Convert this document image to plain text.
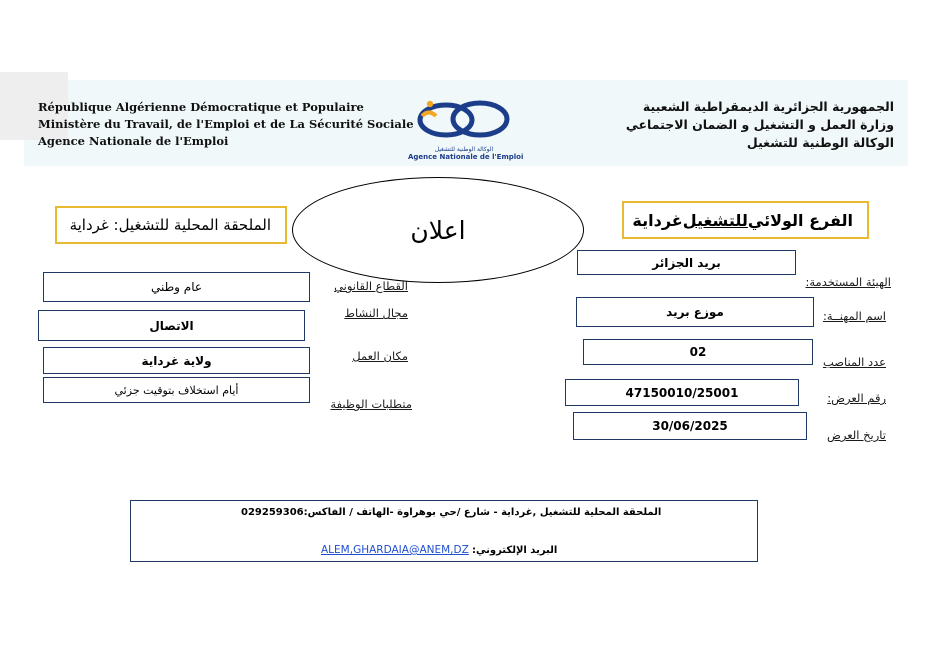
République Algérienne Démocratique et Populaire
Ministère du Travail, de l'Emploi et de La Sécurité Sociale
Agence Nationale de l'Emploi
الوكالة الوطنية للتشغيل
Agence Nationale de l'Emploi
الجمهورية الجزائرية الديمقراطية الشعبية
وزارة العمل و التشغيل و الضمان الاجتماعي
الوكالة الوطنية للتشغيل
الفرع الولائي
للتشغيل
غرداية
الملحقة المحلية للتشغيل: غرداية	اعلان
بريد الجزائر
الهيئة المستخدمة:
موزع بريد	اسم المهنــة:
02
عدد المناصب
47150010/25001	رقم العرض:
30/06/2025
تاريخ العرض
عام وطني	القطاع القانوني
الاتصال
مجال النشاط
ولاية غرداية	مكان العمل
أيام استخلاف بتوقيت جزئي
متطلبات الوظيفة
الملحقة المحلية للتشغيل ,غرداية - شارع /حي بوهراوة -الهاتف / الفاكس:029259306
البريد الإلكتروني: ALEM,GHARDAIA@ANEM,DZ
